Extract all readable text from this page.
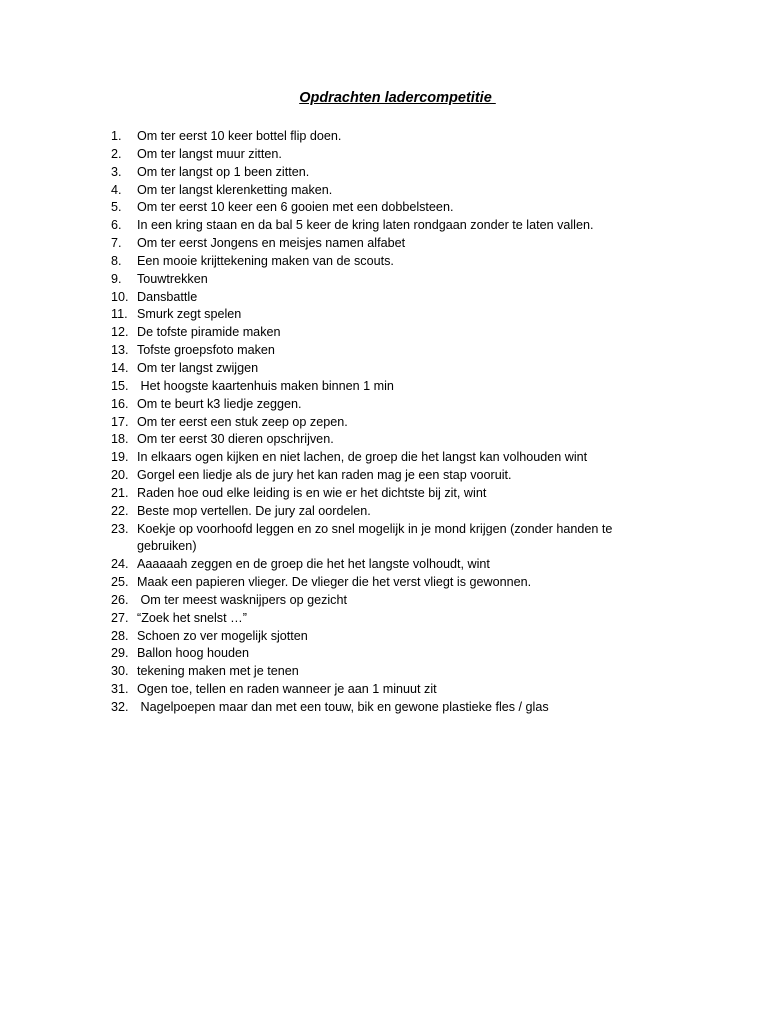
Opdrachten ladercompetitie
1.	Om ter eerst 10 keer bottel flip doen.
2.	Om ter langst muur zitten.
3.	Om ter langst op 1 been zitten.
4.	Om ter langst klerenketting maken.
5.	Om ter eerst 10 keer een 6 gooien met een dobbelsteen.
6.	In een kring staan en da bal 5 keer de kring laten rondgaan zonder te laten vallen.
7.	Om ter eerst Jongens en meisjes namen alfabet
8.	Een mooie krijttekening maken van de scouts.
9.	Touwtrekken
10. Dansbattle
11. Smurk zegt spelen
12. De tofste piramide maken
13. Tofste groepsfoto maken
14. Om ter langst zwijgen
15. Het hoogste kaartenhuis maken binnen 1 min
16. Om te beurt k3 liedje zeggen.
17. Om ter eerst een stuk zeep op zepen.
18. Om ter eerst 30 dieren opschrijven.
19. In elkaars ogen kijken en niet lachen, de groep die het langst kan volhouden wint
20. Gorgel een liedje als de jury het kan raden mag je een stap vooruit.
21. Raden hoe oud elke leiding is en wie er het dichtste bij zit, wint
22. Beste mop vertellen. De jury zal oordelen.
23. Koekje op voorhoofd leggen en zo snel mogelijk in je mond krijgen (zonder handen te gebruiken)
24. Aaaaaah zeggen en de groep die het het langste volhoudt, wint
25. Maak een papieren vlieger. De vlieger die het verst vliegt is gewonnen.
26. Om ter meest wasknijpers op gezicht
27. “Zoek het snelst …”
28. Schoen zo ver mogelijk sjotten
29. Ballon hoog houden
30. tekening maken met je tenen
31. Ogen toe, tellen en raden wanneer je aan 1 minuut zit
32. Nagelpoepen maar dan met een touw, bik en gewone plastieke fles / glas
